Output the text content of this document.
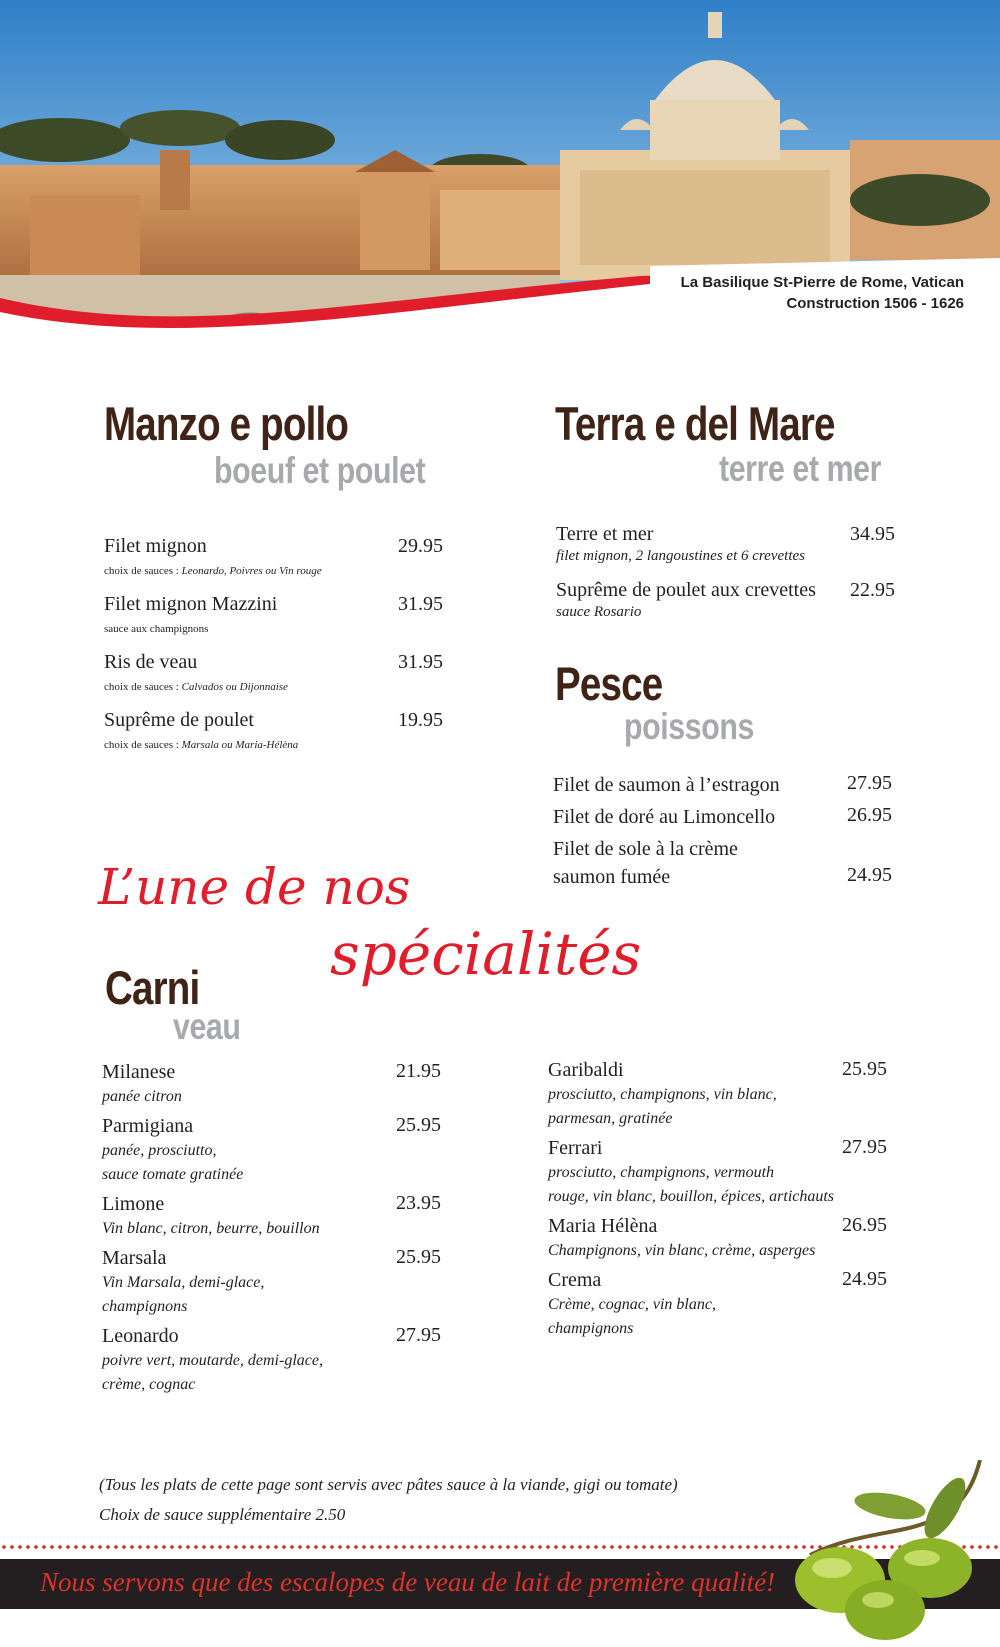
La Basilique St-Pierre de Rome, Vatican
Construction 1506 - 1626
Manzo e pollo
boeuf et poulet
Filet mignon	29.95
choix de sauces : Leonardo, Poivres ou Vin rouge
Filet mignon Mazzini	31.95
sauce aux champignons
Ris de veau	31.95
choix de sauces : Calvados ou Dijonnaise
Suprême de poulet	19.95
choix de sauces : Marsala ou Maria-Hélèna
Terra e del Mare
terre et mer
Terre et mer	34.95
filet mignon, 2 langoustines et 6 crevettes
Suprême de poulet aux crevettes	22.95
sauce Rosario
Pesce
poissons
Filet de saumon à l’estragon	27.95
Filet de doré au Limoncello	26.95
Filet de sole à la crème
saumon fumée	24.95
L’une de nos
spécialités
Carni
veau
Milanese	21.95
panée citron
Parmigiana	25.95
panée, prosciutto,
sauce tomate gratinée
Limone	23.95
Vin blanc, citron, beurre, bouillon
Marsala	25.95
Vin Marsala, demi-glace,
champignons
Leonardo	27.95
poivre vert, moutarde, demi-glace,
crème, cognac
Garibaldi	25.95
prosciutto, champignons, vin blanc,
parmesan, gratinée
Ferrari	27.95
prosciutto, champignons, vermouth
rouge, vin blanc, bouillon, épices, artichauts
Maria Hélèna	26.95
Champignons, vin blanc, crème, asperges
Crema	24.95
Crème, cognac, vin blanc,
champignons
(Tous les plats de cette page sont servis avec pâtes sauce à la viande, gigi ou tomate)
Choix de sauce supplémentaire 2.50
Nous servons que des escalopes de veau de lait de première qualité!
